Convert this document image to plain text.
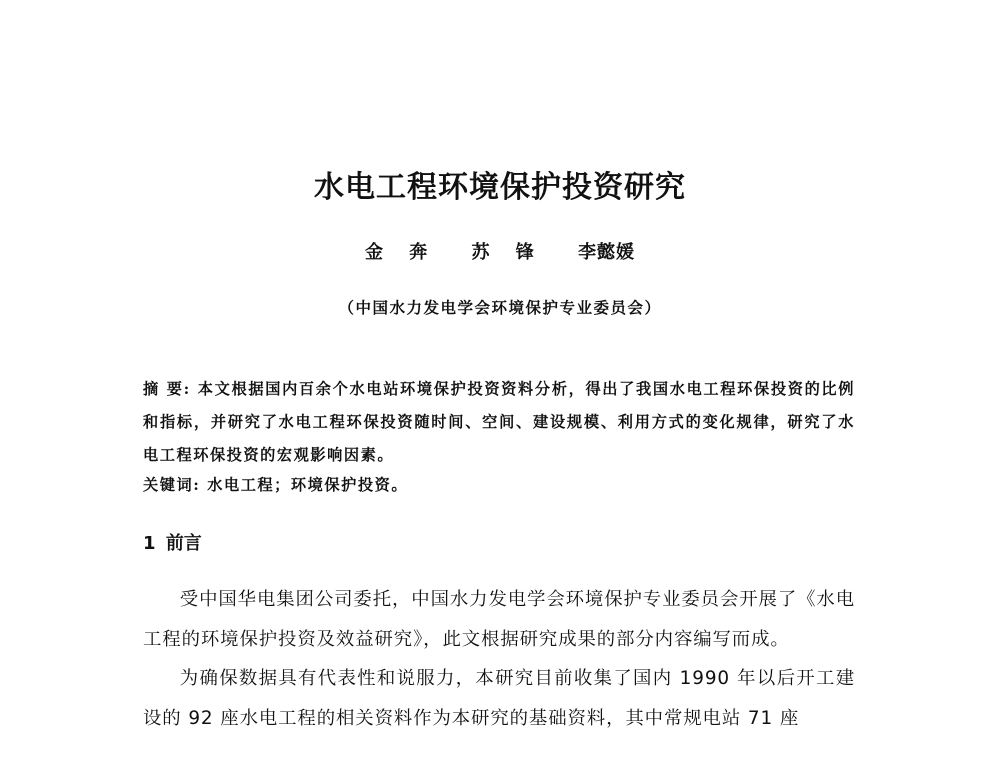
水电工程环境保护投资研究
金 奔 苏 锋 李懿媛
（中国水力发电学会环境保护专业委员会）
摘 要: 本文根据国内百余个水电站环境保护投资资料分析，得出了我国水电工程环保投资的比例和指标，并研究了水电工程环保投资随时间、空间、建设规模、利用方式的变化规律，研究了水电工程环保投资的宏观影响因素。
关键词: 水电工程；环境保护投资。
1 前言

受中国华电集团公司委托，中国水力发电学会环境保护专业委员会开展了《水电工程的环境保护投资及效益研究》，此文根据研究成果的部分内容编写而成。

为确保数据具有代表性和说服力，本研究目前收集了国内 1990 年以后开工建设的 92 座水电工程的相关资料作为本研究的基础资料，其中常规电站 71 座
